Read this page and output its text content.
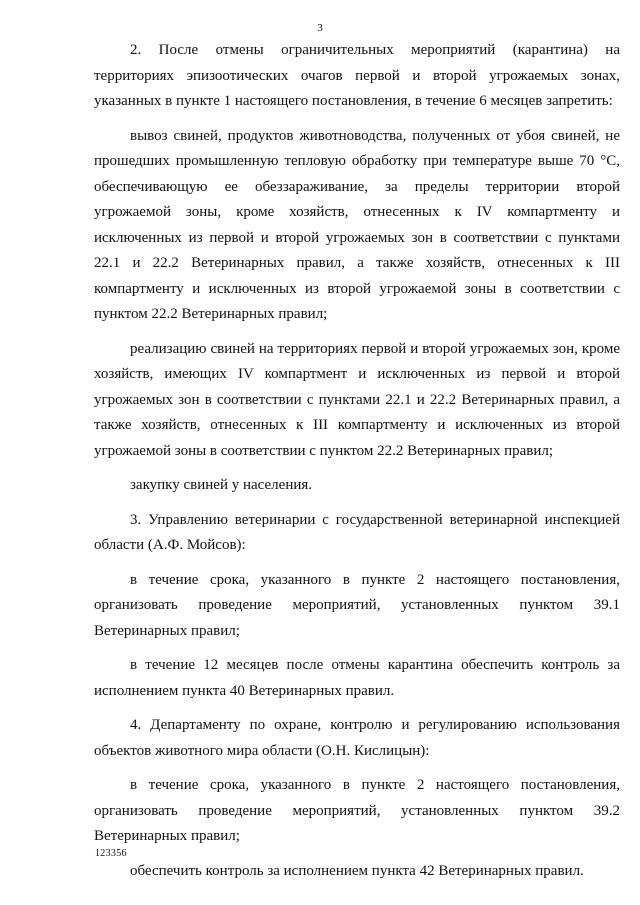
3

2. После отмены ограничительных мероприятий (карантина) на территориях эпизоотических очагов первой и второй угрожаемых зонах, указанных в пункте 1 настоящего постановления, в течение 6 месяцев запретить:

вывоз свиней, продуктов животноводства, полученных от убоя свиней, не прошедших промышленную тепловую обработку при температуре выше 70 °С, обеспечивающую ее обеззараживание, за пределы территории второй угрожаемой зоны, кроме хозяйств, отнесенных к IV компартменту и исключенных из первой и второй угрожаемых зон в соответствии с пунктами 22.1 и 22.2 Ветеринарных правил, а также хозяйств, отнесенных к III компартменту и исключенных из второй угрожаемой зоны в соответствии с пунктом 22.2 Ветеринарных правил;

реализацию свиней на территориях первой и второй угрожаемых зон, кроме хозяйств, имеющих IV компартмент и исключенных из первой и второй угрожаемых зон в соответствии с пунктами 22.1 и 22.2 Ветеринарных правил, а также хозяйств, отнесенных к III компартменту и исключенных из второй угрожаемой зоны в соответствии с пунктом 22.2 Ветеринарных правил;

закупку свиней у населения.

3. Управлению ветеринарии с государственной ветеринарной инспекцией области (А.Ф. Мойсов):

в течение срока, указанного в пункте 2 настоящего постановления, организовать проведение мероприятий, установленных пунктом 39.1 Ветеринарных правил;

в течение 12 месяцев после отмены карантина обеспечить контроль за исполнением пункта 40 Ветеринарных правил.

4. Департаменту по охране, контролю и регулированию использования объектов животного мира области (О.Н. Кислицын):

в течение срока, указанного в пункте 2 настоящего постановления, организовать проведение мероприятий, установленных пунктом 39.2 Ветеринарных правил;

обеспечить контроль за исполнением пункта 42 Ветеринарных правил.

123356
